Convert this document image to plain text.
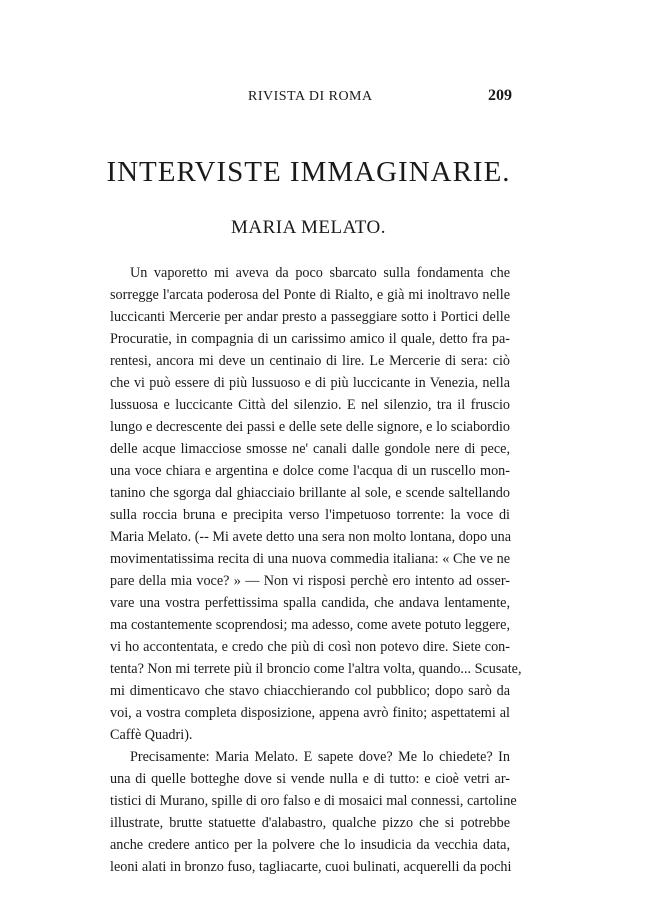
RIVISTA DI ROMA	209
INTERVISTE IMMAGINARIE.
MARIA MELATO.
Un vaporetto mi aveva da poco sbarcato sulla fondamenta che
sorregge l'arcata poderosa del Ponte di Rialto, e già mi inoltravo nelle
luccicanti Mercerie per andar presto a passeggiare sotto i Portici delle
Procuratie, in compagnia di un carissimo amico il quale, detto fra pa-
rentesi, ancora mi deve un centinaio di lire. Le Mercerie di sera: ciò
che vi può essere di più lussuoso e di più luccicante in Venezia, nella
lussuosa e luccicante Città del silenzio. E nel silenzio, tra il fruscio
lungo e decrescente dei passi e delle sete delle signore, e lo sciabordio
delle acque limacciose smosse ne' canali dalle gondole nere di pece,
una voce chiara e argentina e dolce come l'acqua di un ruscello mon-
tanino che sgorga dal ghiacciaio brillante al sole, e scende saltellando
sulla roccia bruna e precipita verso l'impetuoso torrente: la voce di
Maria Melato. (-- Mi avete detto una sera non molto lontana, dopo una
movimentatissima recita di una nuova commedia italiana: « Che ve ne
pare della mia voce? » — Non vi risposi perchè ero intento ad osser-
vare una vostra perfettissima spalla candida, che andava lentamente,
ma costantemente scoprendosi; ma adesso, come avete potuto leggere,
vi ho accontentata, e credo che più di così non potevo dire. Siete con-
tenta? Non mi terrete più il broncio come l'altra volta, quando... Scusate,
mi dimenticavo che stavo chiacchierando col pubblico; dopo sarò da
voi, a vostra completa disposizione, appena avrò finito; aspettatemi al
Caffè Quadri).
Precisamente: Maria Melato. E sapete dove? Me lo chiedete? In
una di quelle botteghe dove si vende nulla e di tutto: e cioè vetri ar-
tistici di Murano, spille di oro falso e di mosaici mal connessi, cartoline
illustrate, brutte statuette d'alabastro, qualche pizzo che si potrebbe
anche credere antico per la polvere che lo insudicia da vecchia data,
leoni alati in bronzo fuso, tagliacarte, cuoi bulinati, acquerelli da pochi
